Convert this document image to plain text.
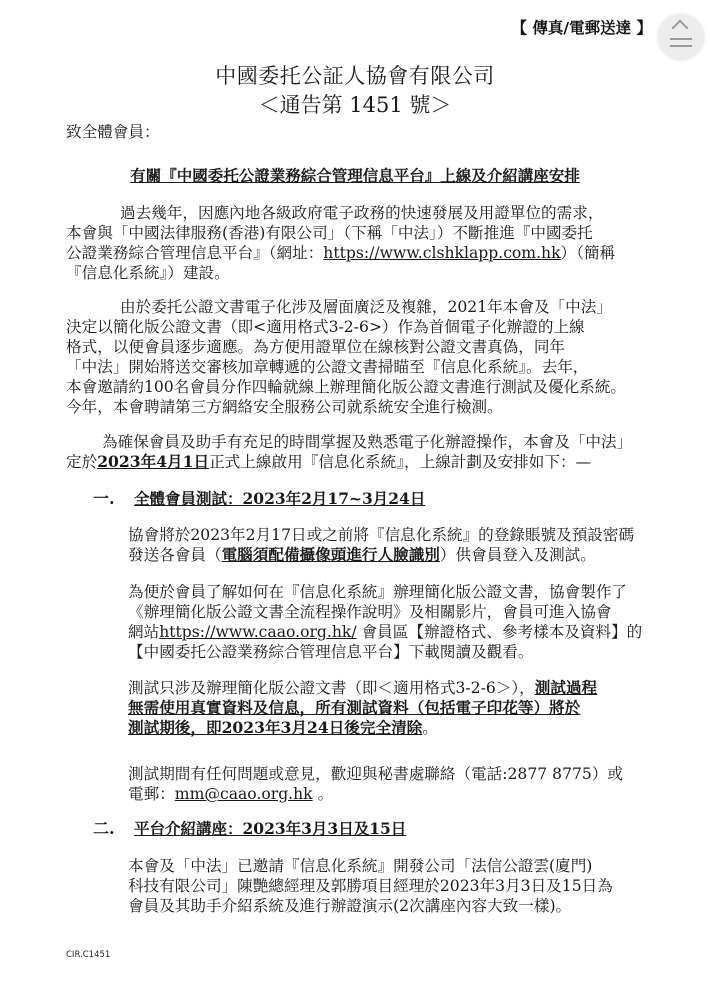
【 傳真/電郵送達 】
中國委托公証人協會有限公司
＜通告第 1451 號＞
致全體會員：
有關『中國委托公證業務綜合管理信息平台』上線及介紹講座安排
過去幾年，因應內地各級政府電子政務的快速發展及用證單位的需求，
本會與「中國法律服務(香港)有限公司」（下稱「中法」）不斷推進『中國委托
公證業務綜合管理信息平台』（網址：https://www.clshklapp.com.hk）（簡稱
『信息化系統』）建設。
由於委托公證文書電子化涉及層面廣泛及複雜，2021年本會及「中法」
決定以簡化版公證文書（即<適用格式3-2-6>）作為首個電子化辦證的上線
格式，以便會員逐步適應。為方便用證單位在線核對公證文書真偽，同年
「中法」開始將送交審核加章轉遞的公證文書掃瞄至『信息化系統』。去年，
本會邀請約100名會員分作四輪就線上辦理簡化版公證文書進行測試及優化系統。
今年，本會聘請第三方網絡安全服務公司就系統安全進行檢測。
為確保會員及助手有充足的時間掌握及熟悉電子化辦證操作，本會及「中法」
定於2023年4月1日正式上線啟用『信息化系統』，上線計劃及安排如下：—
一. 全體會員測試：2023年2月17~3月24日
協會將於2023年2月17日或之前將『信息化系統』的登錄賬號及預設密碼
發送各會員（電腦須配備攝像頭進行人臉識別）供會員登入及測試。
為便於會員了解如何在『信息化系統』辦理簡化版公證文書，協會製作了
《辦理簡化版公證文書全流程操作說明》及相關影片，會員可進入協會
網站https://www.caao.org.hk/ 會員區【辦證格式、參考樣本及資料】的
【中國委托公證業務綜合管理信息平台】下載閱讀及觀看。
測試只涉及辦理簡化版公證文書（即＜適用格式3-2-6＞），測試過程
無需使用真實資料及信息，所有測試資料（包括電子印花等）將於
測試期後，即2023年3月24日後完全清除。
測試期間有任何問題或意見，歡迎與秘書處聯絡（電話:2877 8775）或
電郵：mm@caao.org.hk 。
二. 平台介紹講座：2023年3月3日及15日
本會及「中法」已邀請『信息化系統』開發公司「法信公證雲(廈門)
科技有限公司」陳艷總經理及郭勝項目經理於2023年3月3日及15日為
會員及其助手介紹系統及進行辦證演示(2次講座內容大致一樣)。
CIR.C1451
